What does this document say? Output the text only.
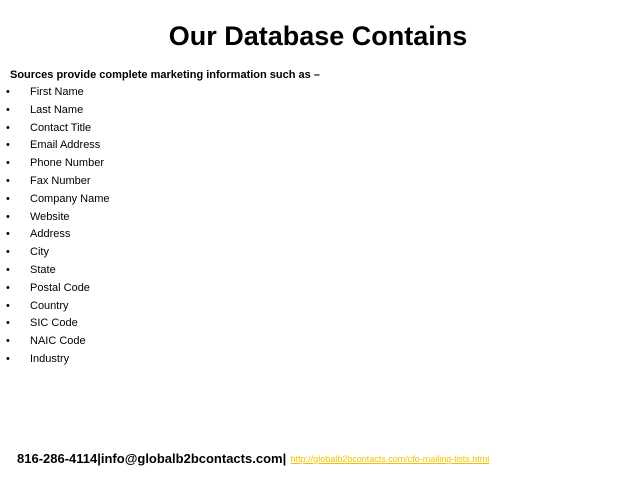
Our Database Contains
Sources provide complete marketing information such as –
• First Name
• Last Name
• Contact Title
• Email Address
• Phone Number
• Fax Number
• Company Name
• Website
• Address
• City
• State
• Postal Code
• Country
• SIC Code
• NAIC Code
• Industry
816-286-4114|info@globalb2bcontacts.com| http://globalb2bcontacts.com/cfo-mailing-lists.html
